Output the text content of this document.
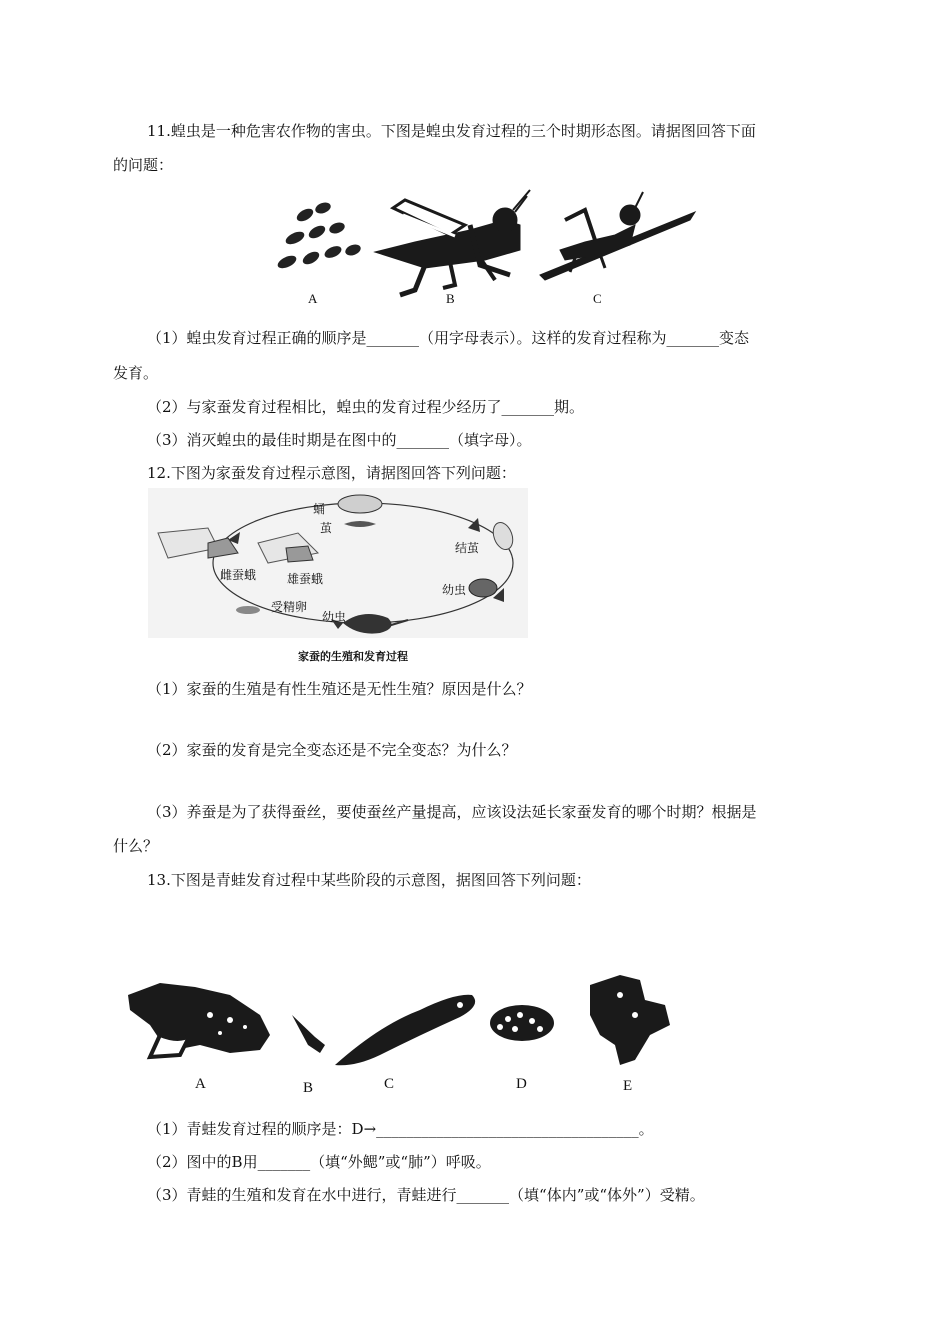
11.蝗虫是一种危害农作物的害虫。下图是蝗虫发育过程的三个时期形态图。请据图回答下面
的问题：
A	B	C
（1）蝗虫发育过程正确的顺序是_______（用字母表示）。这样的发育过程称为_______变态
发育。
（2）与家蚕发育过程相比，蝗虫的发育过程少经历了_______期。
（3）消灭蝗虫的最佳时期是在图中的_______（填字母）。
12.下图为家蚕发育过程示意图，请据图回答下列问题：
蛹
茧
结茧
幼虫
雌蚕蛾	雄蚕蛾
受精卵
幼虫
家蚕的生殖和发育过程
（1）家蚕的生殖是有性生殖还是无性生殖？原因是什么？
（2）家蚕的发育是完全变态还是不完全变态？为什么？
（3）养蚕是为了获得蚕丝，要使蚕丝产量提高，应该设法延长家蚕发育的哪个时期？根据是
什么？
13.下图是青蛙发育过程中某些阶段的示意图，据图回答下列问题：
A	B	C	D	E
（1）青蛙发育过程的顺序是：D→___________________________________。
（2）图中的B用_______（填“外鳃”或“肺”）呼吸。
（3）青蛙的生殖和发育在水中进行，青蛙进行_______（填“体内”或“体外”）受精。
